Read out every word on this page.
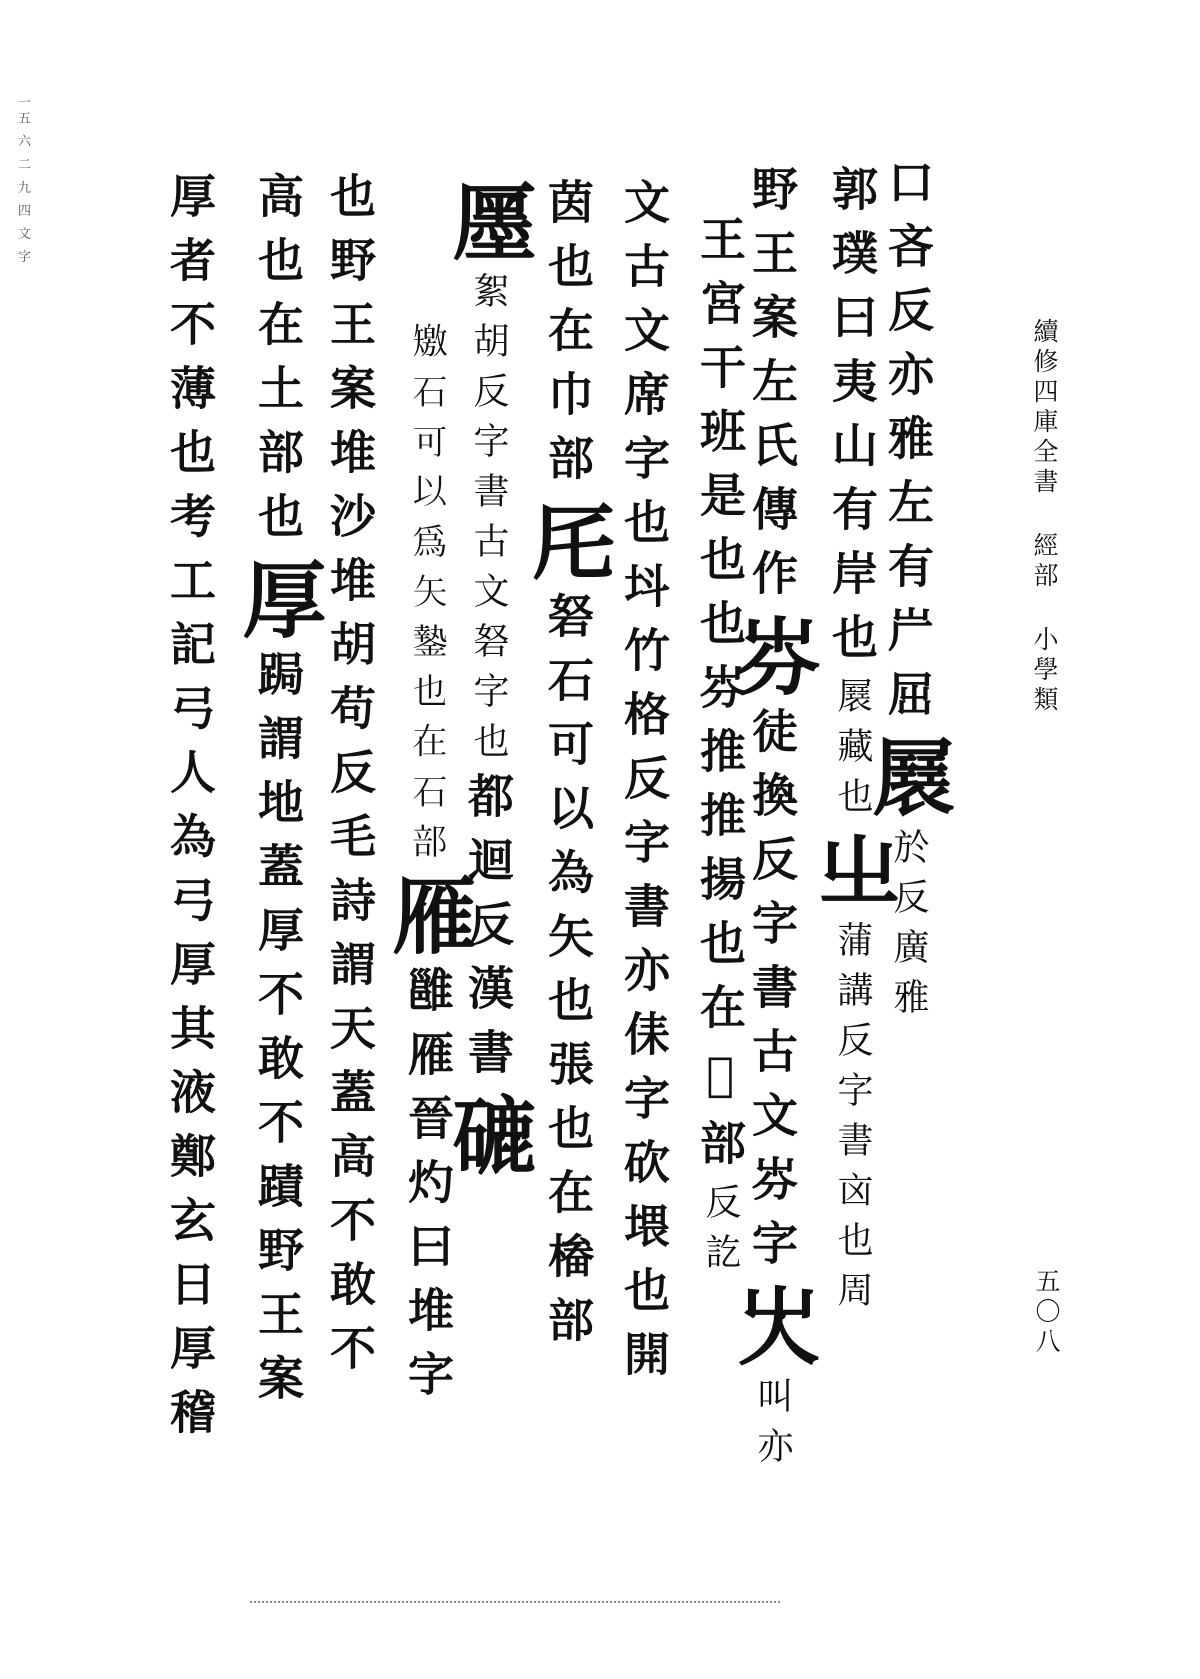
一五 六 二 九 四 文 字
續修四庫全書經部小學類
五〇八
口吝反亦雅左有屵屈㞡於反廣雅
郭璞曰夷山有岸也㞡藏也㞢蒲講反字書㐫也周
野王案左氏傳作㞣徒換反字書古文㞣字㞤叫亦
王宮干班是也也㞣推推揚也在𣲧部反訖
文古文席字也㘰竹格反字書亦㑍字砍㙗也開
茵也在巾部厇砮石可以為矢也張也在㮥部
㕓絮胡反字書古文砮字也都迴反漢書䃙
𥐊石可以為矢䥍也在石部雁雝雁晉灼曰堆字
也野王案堆沙堆胡苟反毛詩謂天蓋高不敢不
高也在土部也厚跼謂地蓋厚不敢不蹟野王案
厚者不薄也考工記弓人為弓厚其液鄭玄日厚稽
